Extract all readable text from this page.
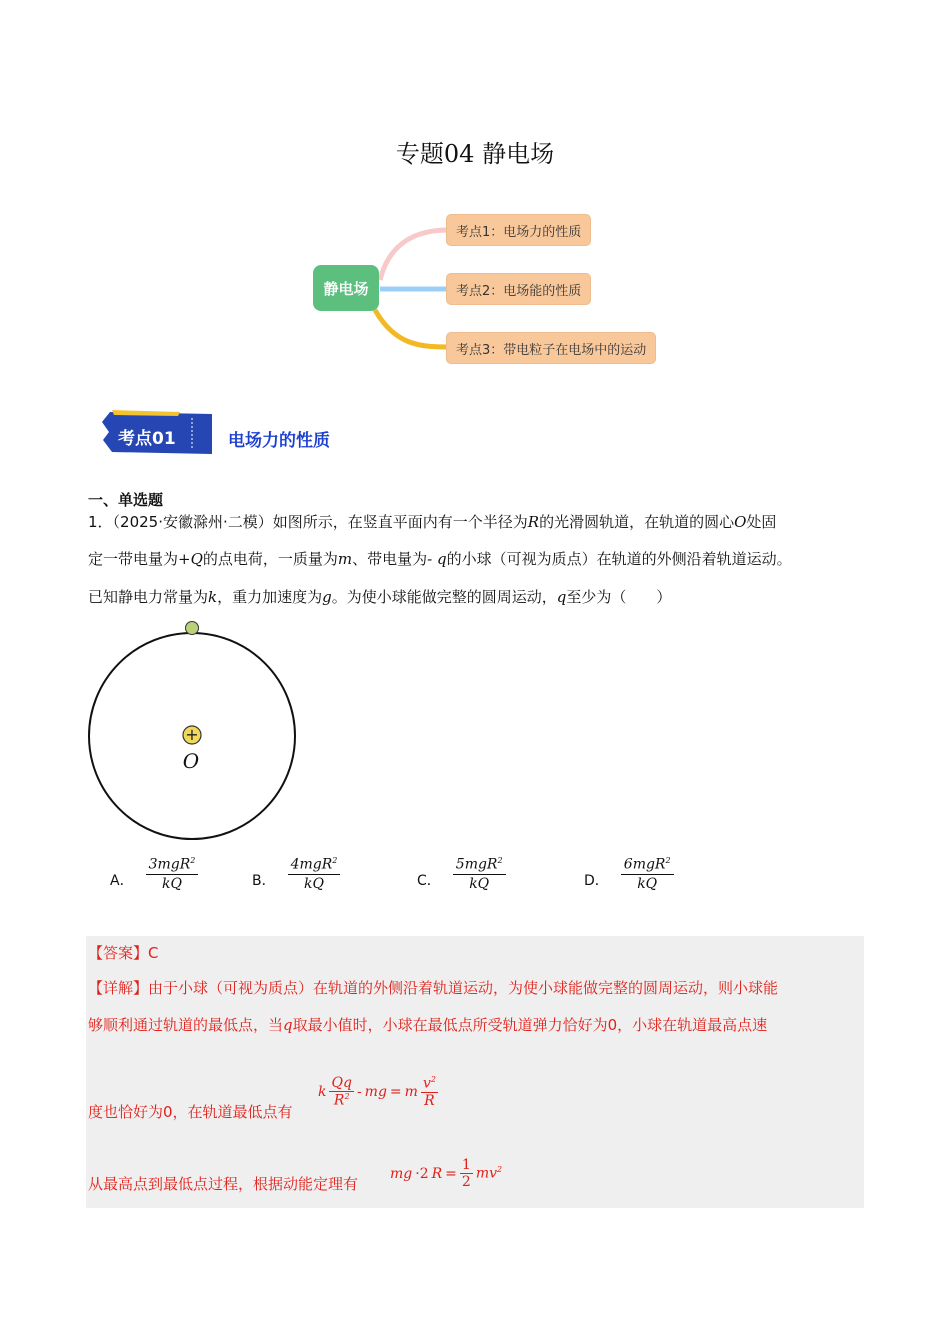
专题04 静电场
静电场
考点1：电场力的性质
考点2：电场能的性质
考点3：带电粒子在电场中的运动
考点01	电场力的性质
一、单选题
1．（2025·安徽滁州·二模）如图所示，在竖直平面内有一个半径为R的光滑圆轨道，在轨道的圆心O处固
定一带电量为+Q的点电荷，一质量为m、带电量为- q的小球（可视为质点）在轨道的外侧沿着轨道运动。
已知静电力常量为k，重力加速度为g。为使小球能做完整的圆周运动，q至少为（　　）
+
O
A． $\frac{3mgR^2}{kQ}$	B． $\frac{4mgR^2}{kQ}$	C． $\frac{5mgR^2}{kQ}$	D． $\frac{6mgR^2}{kQ}$
【答案】C
【详解】由于小球（可视为质点）在轨道的外侧沿着轨道运动，为使小球能做完整的圆周运动，则小球能
够顺利通过轨道的最低点，当q取最小值时，小球在最低点所受轨道弹力恰好为0，小球在轨道最高点速
度也恰好为0，在轨道最低点有
k
Qq
$R^2$ - mg = m
$v^2$
R
从最高点到最低点过程，根据动能定理有
mg ·2 $R = \frac{1}{2} mv^2$
